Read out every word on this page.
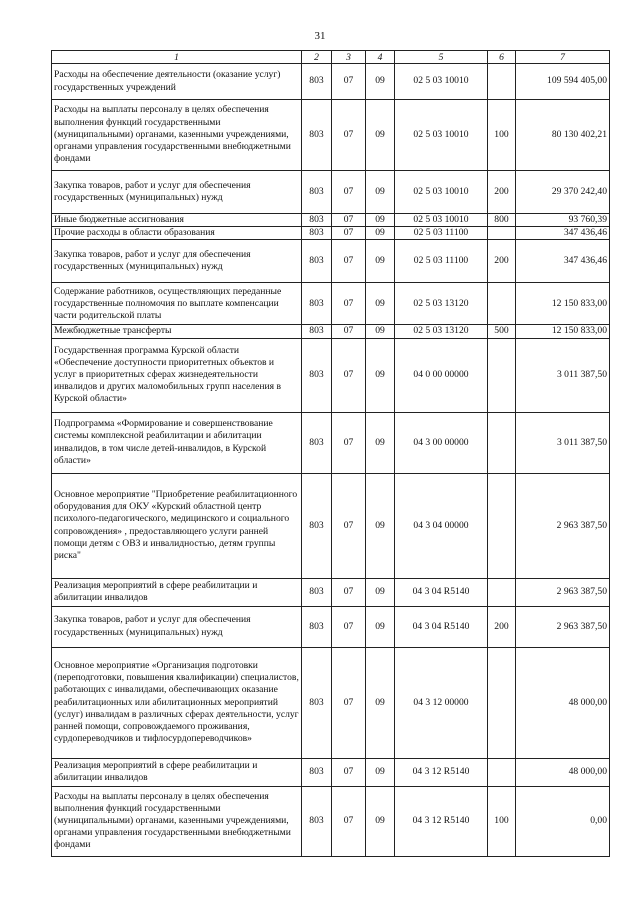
31
1	2	3	4	5	6	7
Расходы на обеспечение деятельности (оказание услуг) государственных учреждений	803	07	09	02 5 03 10010		109 594 405,00
Расходы на выплаты персоналу в целях обеспечения выполнения функций государственными (муниципальными) органами, казенными учреждениями, органами управления государственными внебюджетными фондами	803	07	09	02 5 03 10010	100	80 130 402,21
Закупка товаров, работ и услуг для обеспечения государственных (муниципальных) нужд	803	07	09	02 5 03 10010	200	29 370 242,40
Иные бюджетные ассигнования	803	07	09	02 5 03 10010	800	93 760,39
Прочие расходы в области образования	803	07	09	02 5 03 11100		347 436,46
Закупка товаров, работ и услуг для обеспечения государственных (муниципальных) нужд	803	07	09	02 5 03 11100	200	347 436,46
Содержание работников, осуществляющих переданные государственные полномочия по выплате компенсации части родительской платы	803	07	09	02 5 03 13120		12 150 833,00
Межбюджетные трансферты	803	07	09	02 5 03 13120	500	12 150 833,00
Государственная программа Курской области «Обеспечение доступности приоритетных объектов и услуг в приоритетных сферах жизнедеятельности инвалидов и других маломобильных групп населения в Курской области»	803	07	09	04 0 00 00000		3 011 387,50
Подпрограмма «Формирование и совершенствование системы комплексной реабилитации и абилитации инвалидов, в том числе детей-инвалидов, в Курской области»	803	07	09	04 3 00 00000		3 011 387,50
Основное мероприятие "Приобретение реабилитационного оборудования для ОКУ «Курский областной центр психолого-педагогического, медицинского и социального сопровождения» , предоставляющего услуги ранней помощи детям с ОВЗ и инвалидностью, детям группы риска"	803	07	09	04 3 04 00000		2 963 387,50
Реализация мероприятий в сфере реабилитации и абилитации инвалидов	803	07	09	04 3 04 R5140		2 963 387,50
Закупка товаров, работ и услуг для обеспечения государственных (муниципальных) нужд	803	07	09	04 3 04 R5140	200	2 963 387,50
Основное мероприятие «Организация подготовки (переподготовки, повышения квалификации) специалистов, работающих с инвалидами, обеспечивающих оказание реабилитационных или абилитационных мероприятий (услуг) инвалидам в различных сферах деятельности, услуг ранней помощи, сопровождаемого проживания, сурдопереводчиков и тифлосурдопереводчиков»	803	07	09	04 3 12 00000		48 000,00
Реализация мероприятий в сфере реабилитации и абилитации инвалидов	803	07	09	04 3 12 R5140		48 000,00
Расходы на выплаты персоналу в целях обеспечения выполнения функций государственными (муниципальными) органами, казенными учреждениями, органами управления государственными внебюджетными фондами	803	07	09	04 3 12 R5140	100	0,00
